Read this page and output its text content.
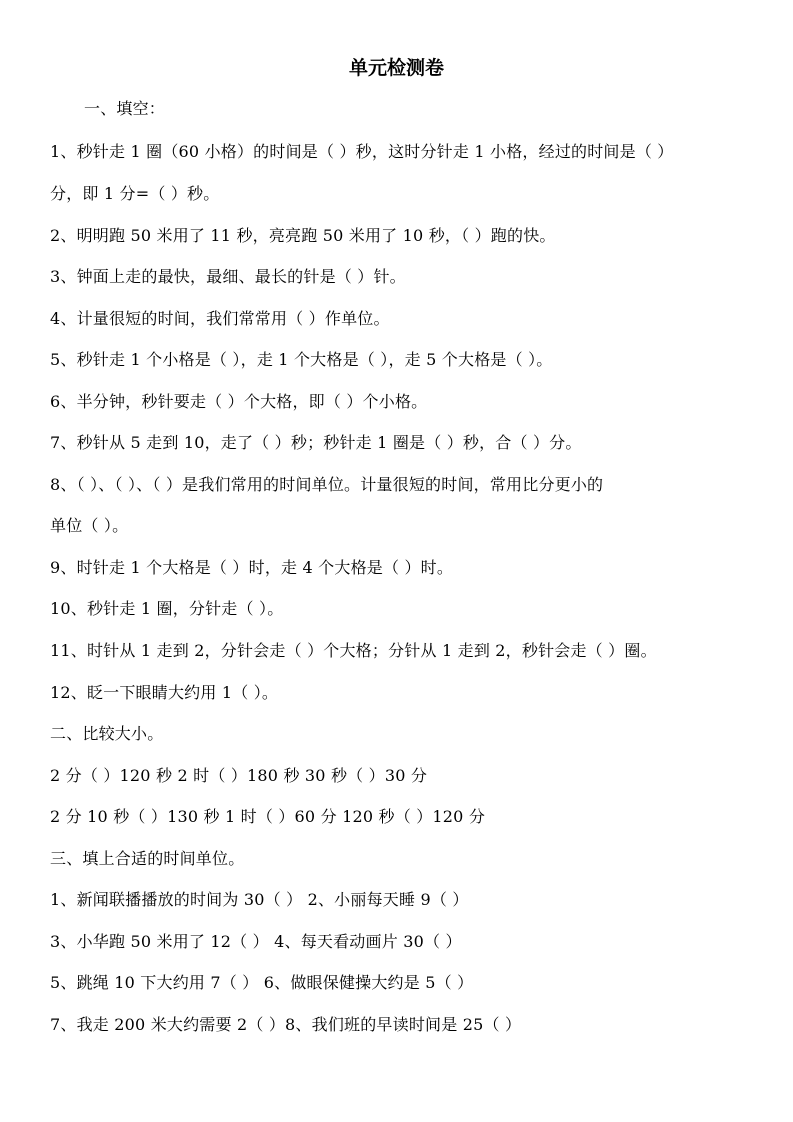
单元检测卷
一、填空：
1、秒针走 1 圈（60 小格）的时间是（ ）秒，这时分针走 1 小格，经过的时间是（ ）
分，即 1 分=（ ）秒。
2、明明跑 50 米用了 11 秒，亮亮跑 50 米用了 10 秒，（ ）跑的快。
3、钟面上走的最快，最细、最长的针是（ ）针。
4、计量很短的时间，我们常常用（ ）作单位。
5、秒针走 1 个小格是（ ），走 1 个大格是（ ），走 5 个大格是（ ）。
6、半分钟，秒针要走（ ）个大格，即（ ）个小格。
7、秒针从 5 走到 10，走了（ ）秒；秒针走 1 圈是（ ）秒，合（ ）分。
8、（ ）、（ ）、（ ）是我们常用的时间单位。计量很短的时间，常用比分更小的
单位（ ）。
9、时针走 1 个大格是（ ）时，走 4 个大格是（ ）时。
10、秒针走 1 圈，分针走（ ）。
11、时针从 1 走到 2，分针会走（ ）个大格；分针从 1 走到 2，秒针会走（ ）圈。
12、眨一下眼睛大约用 1（ ）。
二、比较大小。
2 分（ ）120 秒 2 时（ ）180 秒 30 秒（ ）30 分
2 分 10 秒（ ）130 秒 1 时（ ）60 分 120 秒（ ）120 分
三、填上合适的时间单位。
1、新闻联播播放的时间为 30（ ） 2、小丽每天睡 9（ ）
3、小华跑 50 米用了 12（ ） 4、每天看动画片 30（ ）
5、跳绳 10 下大约用 7（ ） 6、做眼保健操大约是 5（ ）
7、我走 200 米大约需要 2（ ）8、我们班的早读时间是 25（ ）
